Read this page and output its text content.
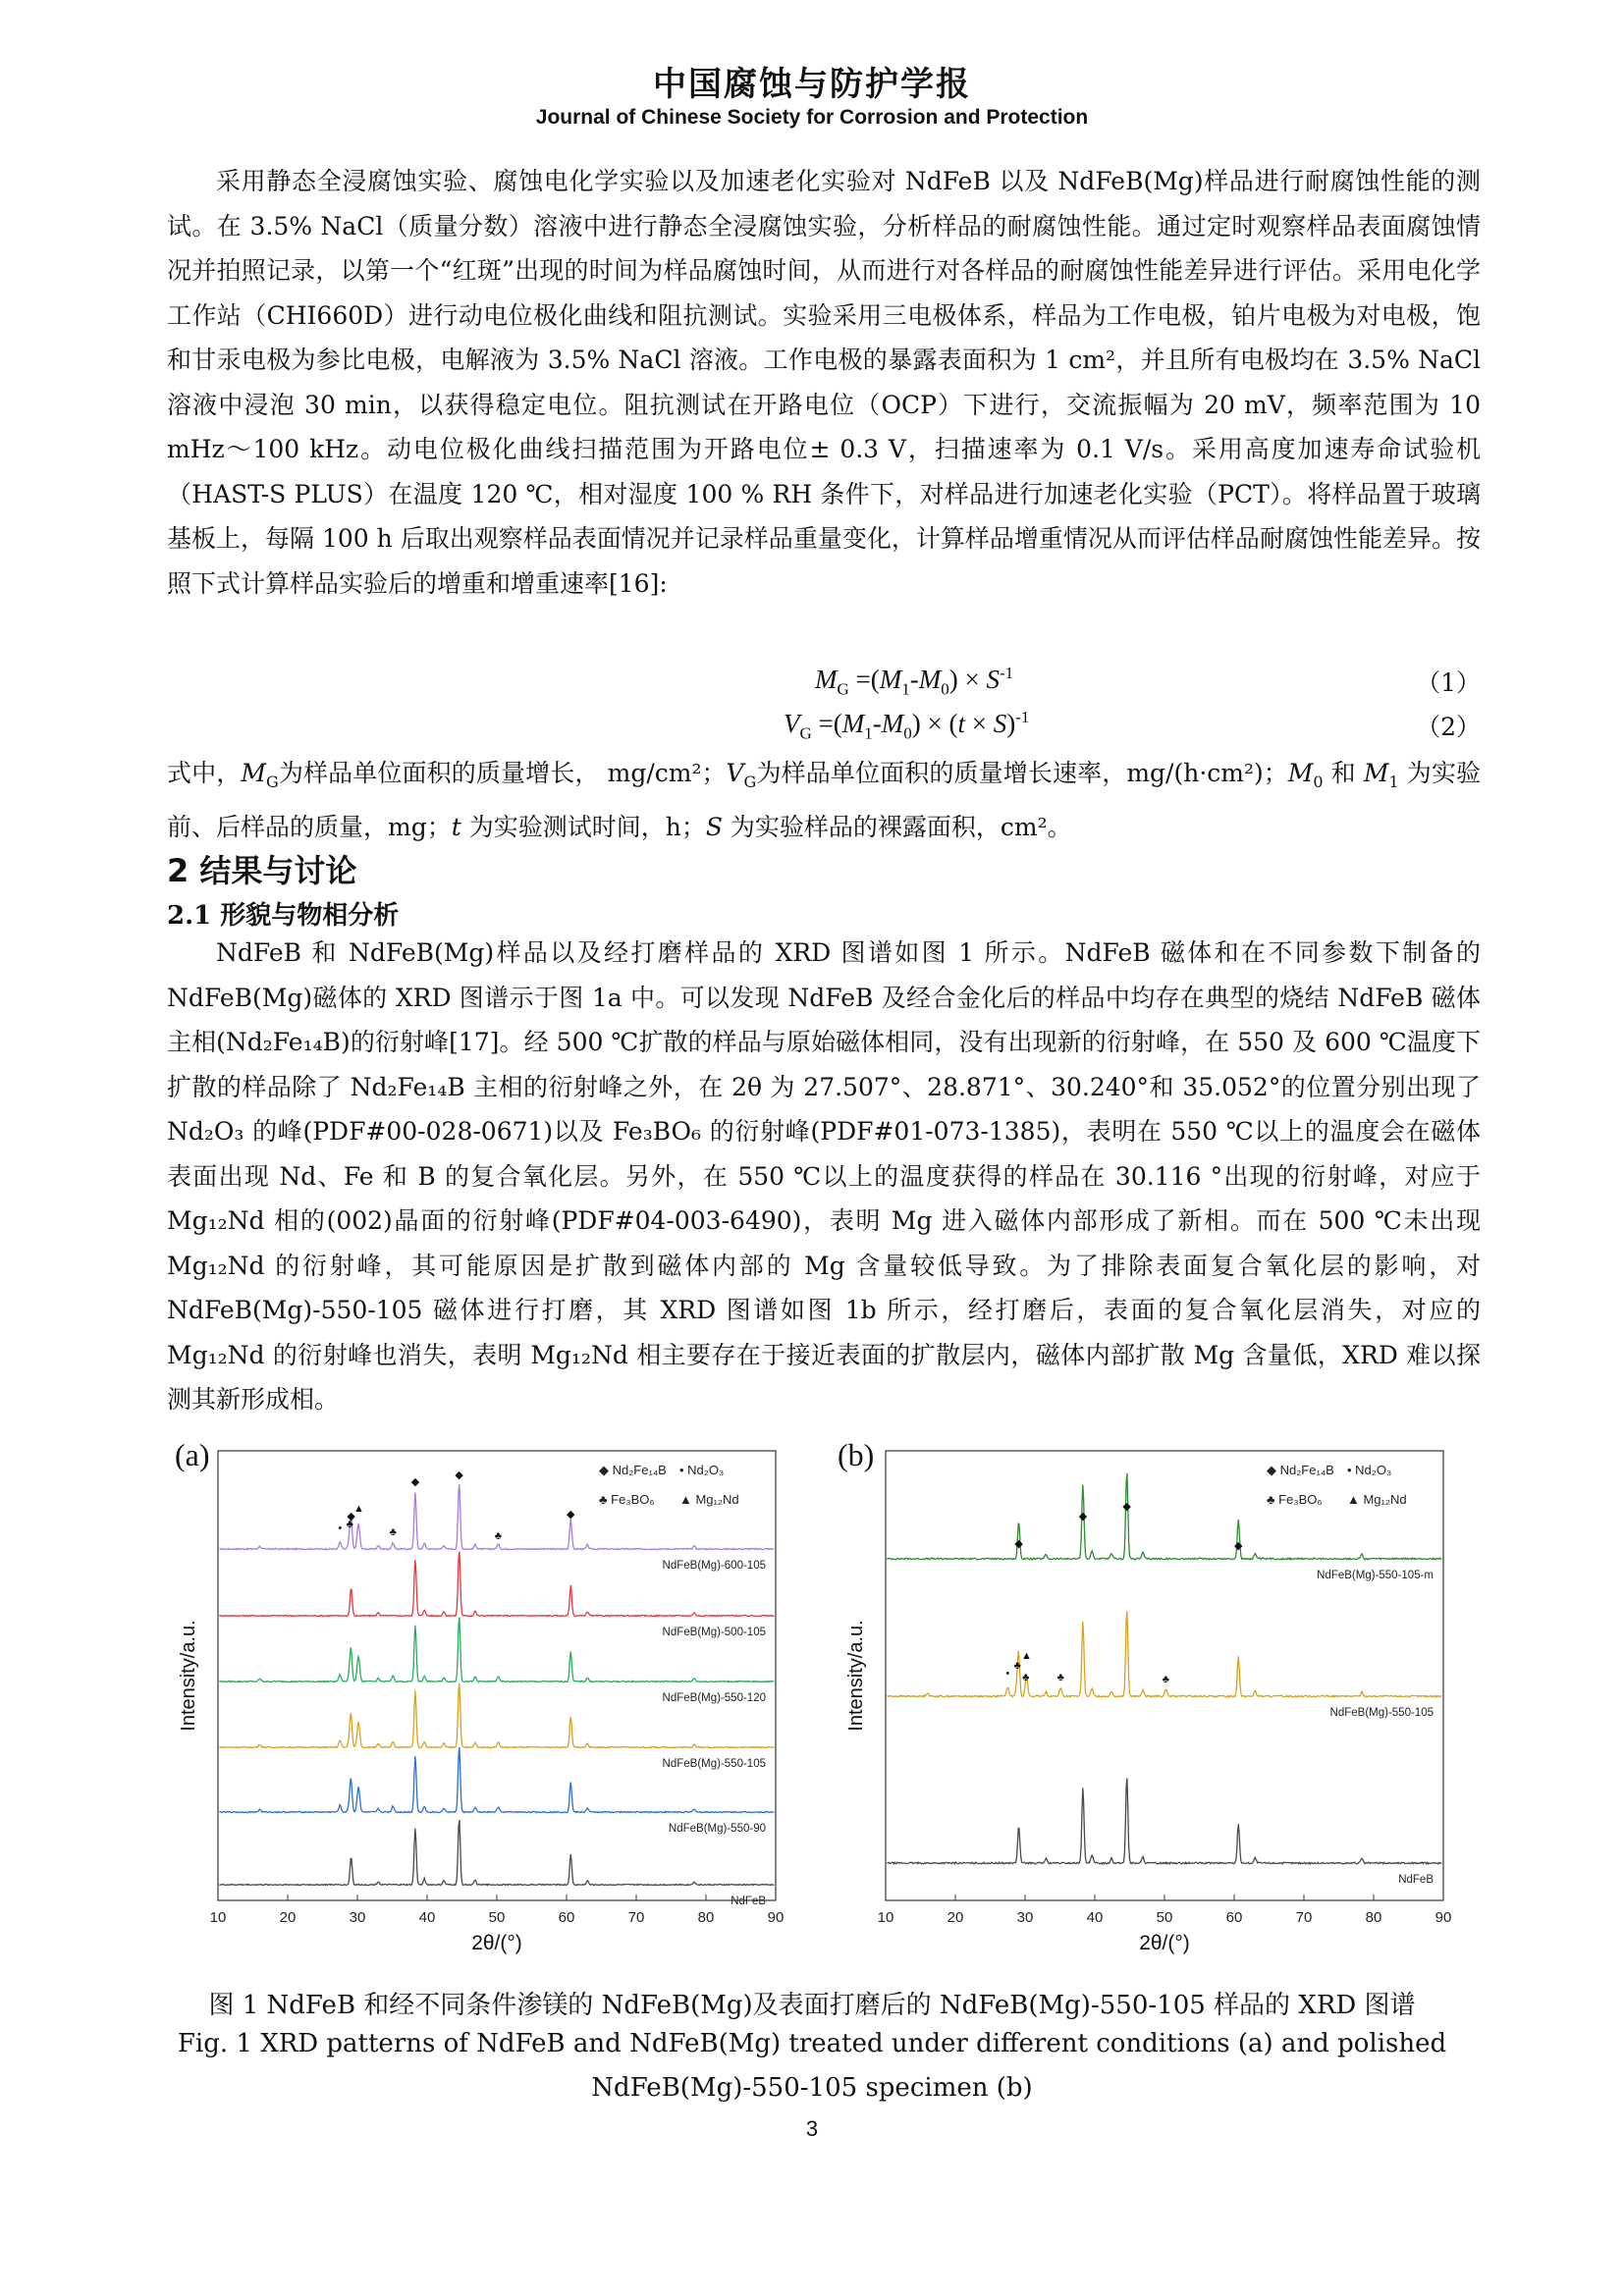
中国腐蚀与防护学报
Journal of Chinese Society for Corrosion and Protection

采用静态全浸腐蚀实验、腐蚀电化学实验以及加速老化实验对 NdFeB 以及 NdFeB(Mg)样品进行耐腐蚀性能的测试。在 3.5% NaCl（质量分数）溶液中进行静态全浸腐蚀实验，分析样品的耐腐蚀性能。通过定时观察样品表面腐蚀情况并拍照记录，以第一个“红斑”出现的时间为样品腐蚀时间，从而进行对各样品的耐腐蚀性能差异进行评估。采用电化学工作站（CHI660D）进行动电位极化曲线和阻抗测试。实验采用三电极体系，样品为工作电极，铂片电极为对电极，饱和甘汞电极为参比电极，电解液为 3.5% NaCl 溶液。工作电极的暴露表面积为 1 cm²，并且所有电极均在 3.5% NaCl 溶液中浸泡 30 min，以获得稳定电位。阻抗测试在开路电位（OCP）下进行，交流振幅为 20 mV，频率范围为 10 mHz～100 kHz。动电位极化曲线扫描范围为开路电位± 0.3 V，扫描速率为 0.1 V/s。采用高度加速寿命试验机（HAST-S PLUS）在温度 120 ℃，相对湿度 100 % RH 条件下，对样品进行加速老化实验（PCT）。将样品置于玻璃基板上，每隔 100 h 后取出观察样品表面情况并记录样品重量变化，计算样品增重情况从而评估样品耐腐蚀性能差异。按照下式计算样品实验后的增重和增重速率[16]:

$M_G =(M_1-M_0) \times S^{-1}$	（1）
$V_G =(M_1-M_0) \times (t \times S)^{-1}$	（2）

式中，$M_G$为样品单位面积的质量增长， mg/cm²；$V_G$为样品单位面积的质量增长速率，mg/(h·cm²)；$M_0$ 和 $M_1$ 为实验前、后样品的质量，mg；t 为实验测试时间，h；S 为实验样品的裸露面积，cm²。

2 结果与讨论
2.1 形貌与物相分析

NdFeB 和 NdFeB(Mg)样品以及经打磨样品的 XRD 图谱如图 1 所示。NdFeB 磁体和在不同参数下制备的 NdFeB(Mg)磁体的 XRD 图谱示于图 1a 中。可以发现 NdFeB 及经合金化后的样品中均存在典型的烧结 NdFeB 磁体主相(Nd₂Fe₁₄B)的衍射峰[17]。经 500 ℃扩散的样品与原始磁体相同，没有出现新的衍射峰，在 550 及 600 ℃温度下扩散的样品除了 Nd₂Fe₁₄B 主相的衍射峰之外，在 2θ 为 27.507°、28.871°、30.240°和 35.052°的位置分别出现了 Nd₂O₃ 的峰(PDF#00-028-0671)以及 Fe₃BO₆ 的衍射峰(PDF#01-073-1385)，表明在 550 ℃以上的温度会在磁体表面出现 Nd、Fe 和 B 的复合氧化层。另外，在 550 ℃以上的温度获得的样品在 30.116 °出现的衍射峰，对应于 Mg₁₂Nd 相的(002)晶面的衍射峰(PDF#04-003-6490)，表明 Mg 进入磁体内部形成了新相。而在 500 ℃未出现 Mg₁₂Nd 的衍射峰，其可能原因是扩散到磁体内部的 Mg 含量较低导致。为了排除表面复合氧化层的影响，对 NdFeB(Mg)-550-105 磁体进行打磨，其 XRD 图谱如图 1b 所示，经打磨后，表面的复合氧化层消失，对应的 Mg₁₂Nd 的衍射峰也消失，表明 Mg₁₂Nd 相主要存在于接近表面的扩散层内，磁体内部扩散 Mg 含量低，XRD 难以探测其新形成相。

(a)	(b)
10	20	30	40	50	60	70	80	90
2θ/(°)
Intensity/a.u.
NdFeB(Mg)-600-105
NdFeB(Mg)-500-105
NdFeB(Mg)-550-120
NdFeB(Mg)-550-105
NdFeB(Mg)-550-90
NdFeB
◆ Nd₂Fe₁₄B • Nd₂O₃
♣ Fe₃BO₆ ▲ Mg₁₂Nd
◆
◆
◆
◆
▲
♣
•	♣	♣
10	20	30	40	50	60	70	80	90
2θ/(°)
Intensity/a.u.
NdFeB(Mg)-550-105-m
NdFeB(Mg)-550-105
NdFeB
◆ Nd₂Fe₁₄B • Nd₂O₃
♣ Fe₃BO₆ ▲ Mg₁₂Nd
◆
◆
◆
◆
•
♣
▲
♣	♣	♣
图 1 NdFeB 和经不同条件渗镁的 NdFeB(Mg)及表面打磨后的 NdFeB(Mg)-550-105 样品的 XRD 图谱
Fig. 1 XRD patterns of NdFeB and NdFeB(Mg) treated under different conditions (a) and polished
NdFeB(Mg)-550-105 specimen (b)
3
